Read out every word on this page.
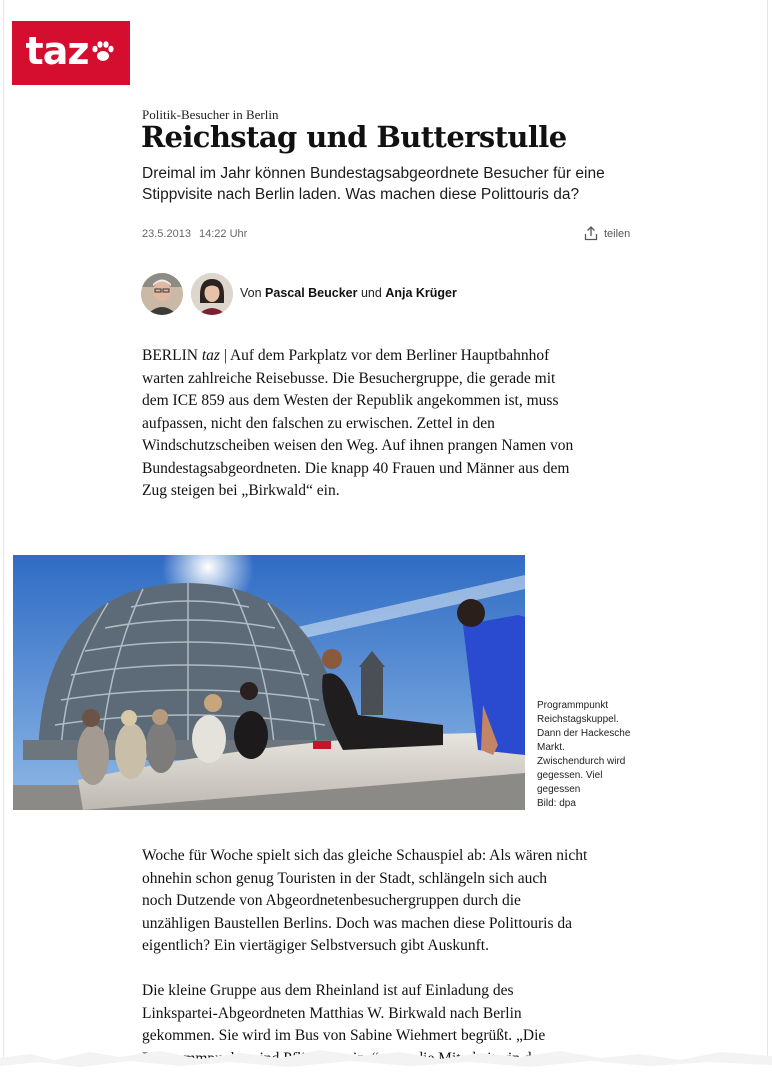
taz
Politik-Besucher in Berlin
Reichstag und Butterstulle
Dreimal im Jahr können Bundestagsabgeordnete Besucher für eine Stippvisite nach Berlin laden. Was machen diese Polittouris da?
23.5.2013 14:22 Uhr	teilen
Von Pascal Beucker und Anja Krüger

BERLIN taz | Auf dem Parkplatz vor dem Berliner Hauptbahnhof
warten zahlreiche Reisebusse. Die Besuchergruppe, die gerade mit
dem ICE 859 aus dem Westen der Republik angekommen ist, muss
aufpassen, nicht den falschen zu erwischen. Zettel in den
Windschutzscheiben weisen den Weg. Auf ihnen prangen Namen von
Bundestagsabgeordneten. Die knapp 40 Frauen und Männer aus dem
Zug steigen bei „Birkwald“ ein.

Programmpunkt
Reichstagskuppel.
Dann der Hackesche
Markt.
Zwischendurch wird
gegessen. Viel
gegessen
Bild: dpa

Woche für Woche spielt sich das gleiche Schauspiel ab: Als wären nicht
ohnehin schon genug Touristen in der Stadt, schlängeln sich auch
noch Dutzende von Abgeordnetenbesuchergruppen durch die
unzähligen Baustellen Berlins. Doch was machen diese Polittouris da
eigentlich? Ein viertägiger Selbstversuch gibt Auskunft.

Die kleine Gruppe aus dem Rheinland ist auf Einladung des
Linkspartei-Abgeordneten Matthias W. Birkwald nach Berlin
gekommen. Sie wird im Bus von Sabine Wiehmert begrüßt. „Die
